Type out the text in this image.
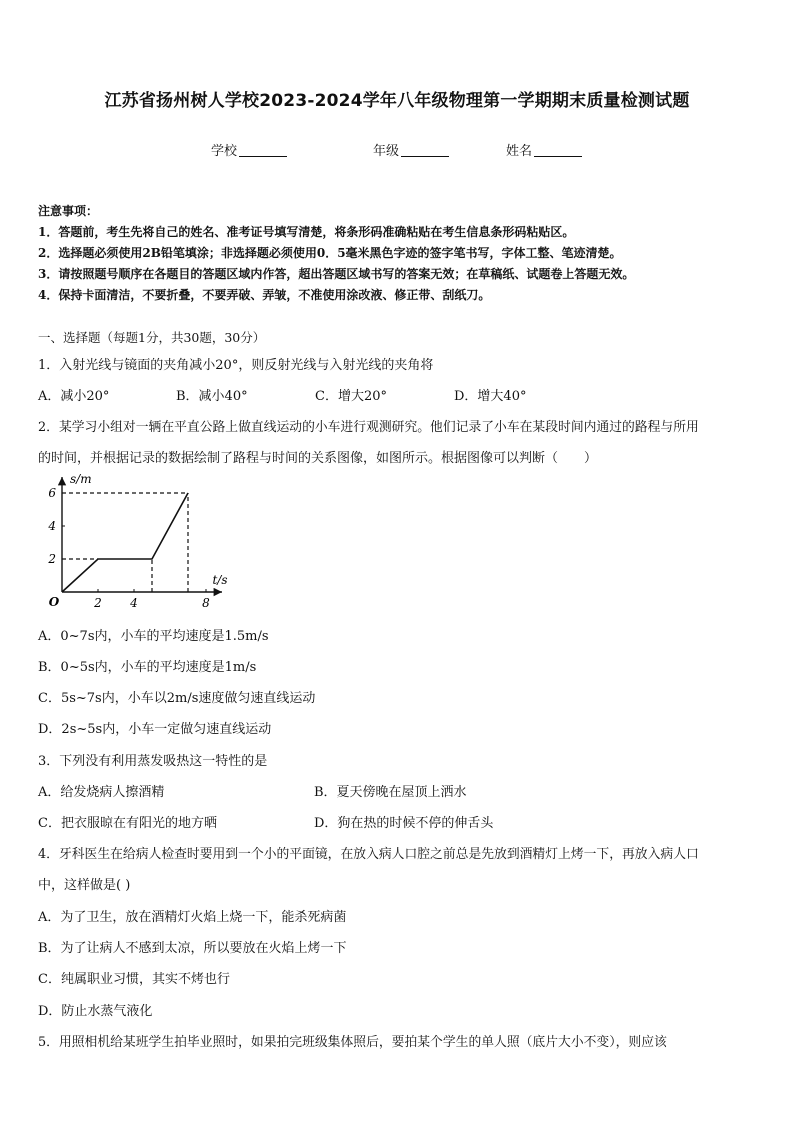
江苏省扬州树人学校2023-2024学年八年级物理第一学期期末质量检测试题
学校	年级	姓名
注意事项：
1．答题前，考生先将自己的姓名、准考证号填写清楚，将条形码准确粘贴在考生信息条形码粘贴区。
2．选择题必须使用2B铅笔填涂；非选择题必须使用0．5毫米黑色字迹的签字笔书写，字体工整、笔迹清楚。
3．请按照题号顺序在各题目的答题区域内作答，超出答题区域书写的答案无效；在草稿纸、试题卷上答题无效。
4．保持卡面清洁，不要折叠，不要弄破、弄皱，不准使用涂改液、修正带、刮纸刀。
一、选择题（每题1分，共30题，30分）
1．入射光线与镜面的夹角减小20°，则反射光线与入射光线的夹角将
A．减小20°	B．减小40°	C．增大20°	D．增大40°
2．某学习小组对一辆在平直公路上做直线运动的小车进行观测研究。他们记录了小车在某段时间内通过的路程与所用
的时间，并根据记录的数据绘制了路程与时间的关系图像，如图所示。根据图像可以判断（　　）
2 4	8
2
4
6
O
t/s
s/m
A．0~7s内，小车的平均速度是1.5m/s
B．0~5s内，小车的平均速度是1m/s
C．5s~7s内，小车以2m/s速度做匀速直线运动
D．2s~5s内，小车一定做匀速直线运动
3．下列没有利用蒸发吸热这一特性的是
A．给发烧病人擦酒精	B．夏天傍晚在屋顶上洒水
C．把衣服晾在有阳光的地方晒	D．狗在热的时候不停的伸舌头
4．牙科医生在给病人检查时要用到一个小的平面镜，在放入病人口腔之前总是先放到酒精灯上烤一下，再放入病人口
中，这样做是( )
A．为了卫生，放在酒精灯火焰上烧一下，能杀死病菌
B．为了让病人不感到太凉，所以要放在火焰上烤一下
C．纯属职业习惯，其实不烤也行
D．防止水蒸气液化
5．用照相机给某班学生拍毕业照时，如果拍完班级集体照后，要拍某个学生的单人照（底片大小不变），则应该
